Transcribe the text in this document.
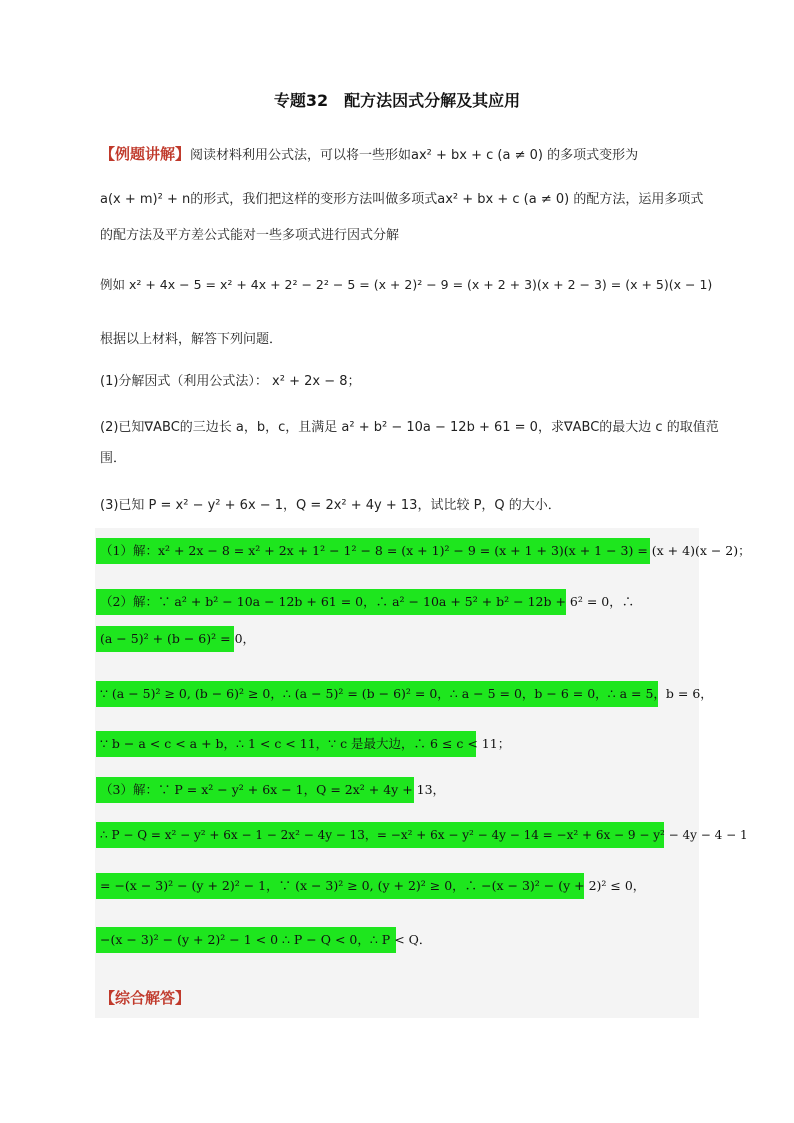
专题32　配方法因式分解及其应用
【例题讲解】阅读材料利用公式法，可以将一些形如ax² + bx + c (a ≠ 0) 的多项式变形为
a(x + m)² + n的形式，我们把这样的变形方法叫做多项式ax² + bx + c (a ≠ 0) 的配方法，运用多项式
的配方法及平方差公式能对一些多项式进行因式分解
例如 x² + 4x − 5 = x² + 4x + 2² − 2² − 5 = (x + 2)² − 9 = (x + 2 + 3)(x + 2 − 3) = (x + 5)(x − 1)
根据以上材料，解答下列问题．
(1)分解因式（利用公式法）： x² + 2x − 8；
(2)已知∇ABC的三边长 a，b，c，且满足 a² + b² − 10a − 12b + 61 = 0，求∇ABC的最大边 c 的取值范
围．
(3)已知 P = x² − y² + 6x − 1，Q = 2x² + 4y + 13，试比较 P，Q 的大小．
（1）解：x² + 2x − 8 = x² + 2x + 1² − 1² − 8 = (x + 1)² − 9 = (x + 1 + 3)(x + 1 − 3) = (x + 4)(x − 2)；
（2）解：∵ a² + b² − 10a − 12b + 61 = 0，∴ a² − 10a + 5² + b² − 12b + 6² = 0，∴
(a − 5)² + (b − 6)² = 0，
∵ (a − 5)² ≥ 0, (b − 6)² ≥ 0，∴ (a − 5)² = (b − 6)² = 0，∴ a − 5 = 0，b − 6 = 0，∴ a = 5，b = 6，
∵ b − a < c < a + b，∴ 1 < c < 11，∵ c 是最大边，∴ 6 ≤ c < 11；
（3）解：∵ P = x² − y² + 6x − 1，Q = 2x² + 4y + 13，
∴ P − Q = x² − y² + 6x − 1 − 2x² − 4y − 13，= −x² + 6x − y² − 4y − 14 = −x² + 6x − 9 − y² − 4y − 4 − 1
= −(x − 3)² − (y + 2)² − 1，∵ (x − 3)² ≥ 0, (y + 2)² ≥ 0，∴ −(x − 3)² − (y + 2)² ≤ 0，
−(x − 3)² − (y + 2)² − 1 < 0 ∴ P − Q < 0，∴ P < Q．
【综合解答】
